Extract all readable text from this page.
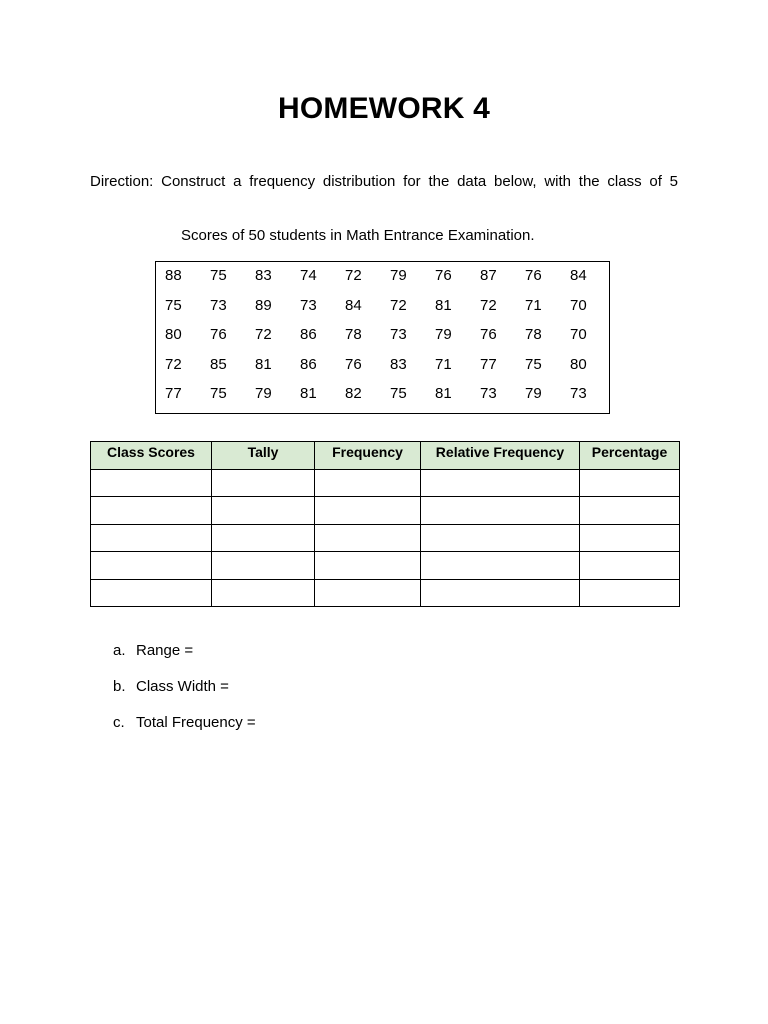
HOMEWORK 4
Direction: Construct a frequency distribution for the data below, with the class of 5
Scores of 50 students in Math Entrance Examination.
88	75	83	74	72	79	76	87	76	84
75	73	89	73	84	72	81	72	71	70
80	76	72	86	78	73	79	76	78	70
72	85	81	86	76	83	71	77	75	80
77	75	79	81	82	75	81	73	79	73
Class Scores	Tally	Frequency	Relative Frequency	Percentage

a. Range =
b. Class Width =
c. Total Frequency =
